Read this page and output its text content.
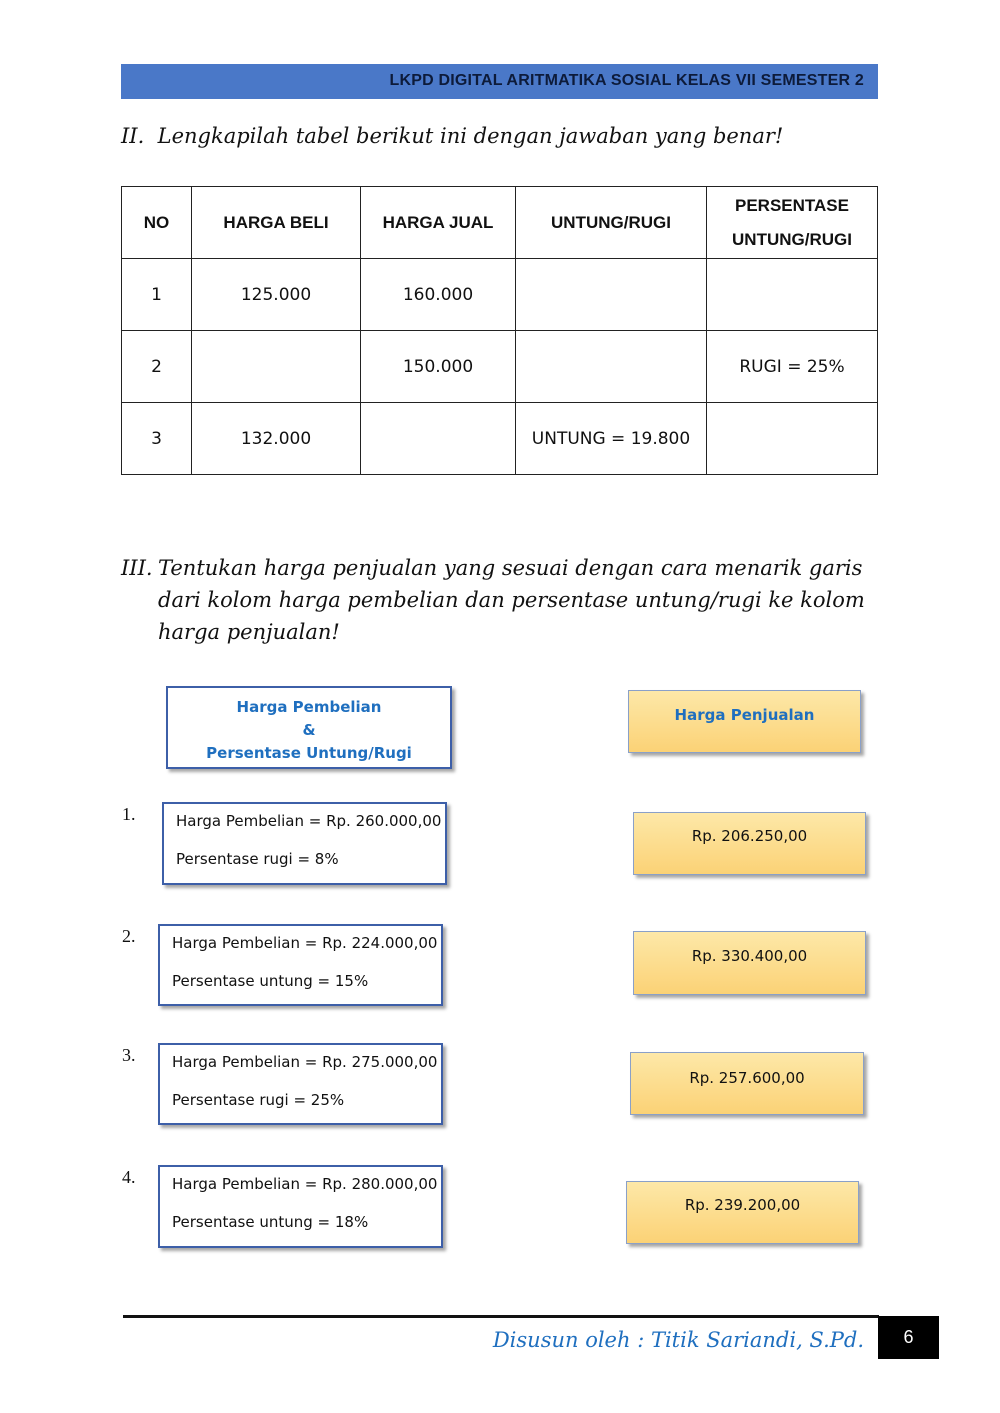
LKPD DIGITAL ARITMATIKA SOSIAL KELAS VII SEMESTER 2
II. Lengkapilah tabel berikut ini dengan jawaban yang benar!
NO	HARGA BELI	HARGA JUAL	UNTUNG/RUGI	PERSENTASE
UNTUNG/RUGI

1	125.000	160.000		
2		150.000		RUGI = 25%
3	132.000		UNTUNG = 19.800	
III. Tentukan harga penjualan yang sesuai dengan cara menarik garis
dari kolom harga pembelian dan persentase untung/rugi ke kolom
harga penjualan!
Harga Pembelian
&
Persentase Untung/Rugi
Harga Penjualan
1.	Harga Pembelian = Rp. 260.000,00
Persentase rugi = 8%
Rp. 206.250,00
2. Harga Pembelian = Rp. 224.000,00
Persentase untung = 15%
Rp. 330.400,00
3. Harga Pembelian = Rp. 275.000,00
Persentase rugi = 25%
Rp. 257.600,00
4. Harga Pembelian = Rp. 280.000,00
Persentase untung = 18%
Rp. 239.200,00
Disusun oleh : Titik Sariandi, S.Pd.	6
